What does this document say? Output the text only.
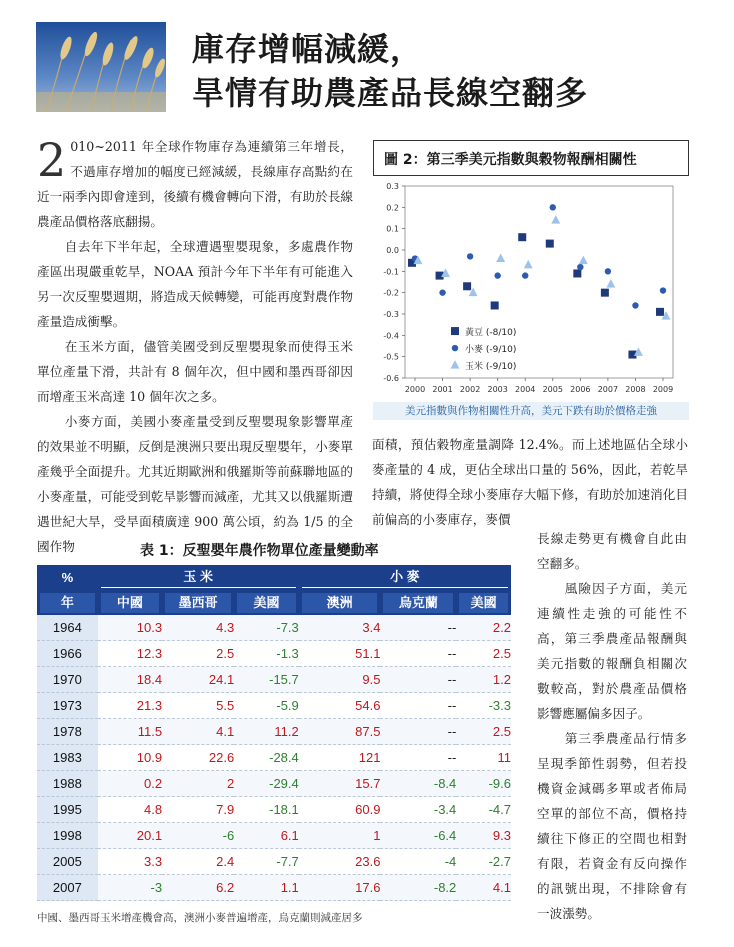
庫存增幅減緩，
旱情有助農產品長線空翻多

2 010~2011 年全球作物庫存為連續第三年增長，不過庫存增加的幅度已經減緩，長線庫存高點約在近一兩季內即會達到，後續有機會轉向下滑，有助於長線農產品價格落底翻揚。

自去年下半年起，全球遭遇聖嬰現象，多處農作物產區出現嚴重乾旱，NOAA 預計今年下半年有可能進入另一次反聖嬰週期，將造成天候轉變，可能再度對農作物產量造成衝擊。

在玉米方面，儘管美國受到反聖嬰現象而使得玉米單位產量下滑，共計有 8 個年次，但中國和墨西哥卻因而增產玉米高達 10 個年次之多。

小麥方面，美國小麥產量受到反聖嬰現象影響單產的效果並不明顯，反倒是澳洲只要出現反聖嬰年，小麥單產幾乎全面提升。尤其近期歐洲和俄羅斯等前蘇聯地區的小麥產量，可能受到乾旱影響而減產，尤其又以俄羅斯遭遇世紀大旱，受旱面積廣達 900 萬公頃，約為 1/5 的全國作物

圖 2：第三季美元指數與穀物報酬相關性
0.3
0.2
0.1
0.0
-0.1
-0.2
-0.3
-0.4
-0.5
-0.6
2000 2001 2002 2003 2004 2005 2006 2007 2008 2009
黃豆 (-8/10)
小麥 (-9/10)
玉米 (-9/10)
美元指數與作物相關性升高，美元下跌有助於價格走強

面積，預估穀物產量調降 12.4%。而上述地區佔全球小麥產量的 4 成，更佔全球出口量的 56%，因此，若乾旱持續，將使得全球小麥庫存大幅下修，有助於加速消化目前偏高的小麥庫存，麥價

長線走勢更有機會自此由空翻多。

風險因子方面，美元連續性走強的可能性不高，第三季農產品報酬與美元指數的報酬負相關次數較高，對於農產品價格影響應屬偏多因子。

第三季農產品行情多呈現季節性弱勢，但若投機資金減碼多單或者佈局空單的部位不高，價格持續往下修正的空間也相對有限，若資金有反向操作的訊號出現，不排除會有一波漲勢。

表 1：反聖嬰年農作物單位產量變動率
%	玉 米			小 麥		

年	中國	墨西哥	美國	澳洲	烏克蘭	美國

1964	10.3	4.3	-7.3	3.4	--	2.2
1966	12.3	2.5	-1.3	51.1	--	2.5
1970	18.4	24.1	-15.7	9.5	--	1.2
1973	21.3	5.5	-5.9	54.6	--	-3.3
1978	11.5	4.1	11.2	87.5	--	2.5
1983	10.9	22.6	-28.4	121	--	11
1988	0.2	2	-29.4	15.7	-8.4	-9.6
1995	4.8	7.9	-18.1	60.9	-3.4	-4.7
1998	20.1	-6	6.1	1	-6.4	9.3
2005	3.3	2.4	-7.7	23.6	-4	-2.7
2007	-3	6.2	1.1	17.6	-8.2	4.1
中國、墨西哥玉米增產機會高，澳洲小麥普遍增產，烏克蘭則減產居多
